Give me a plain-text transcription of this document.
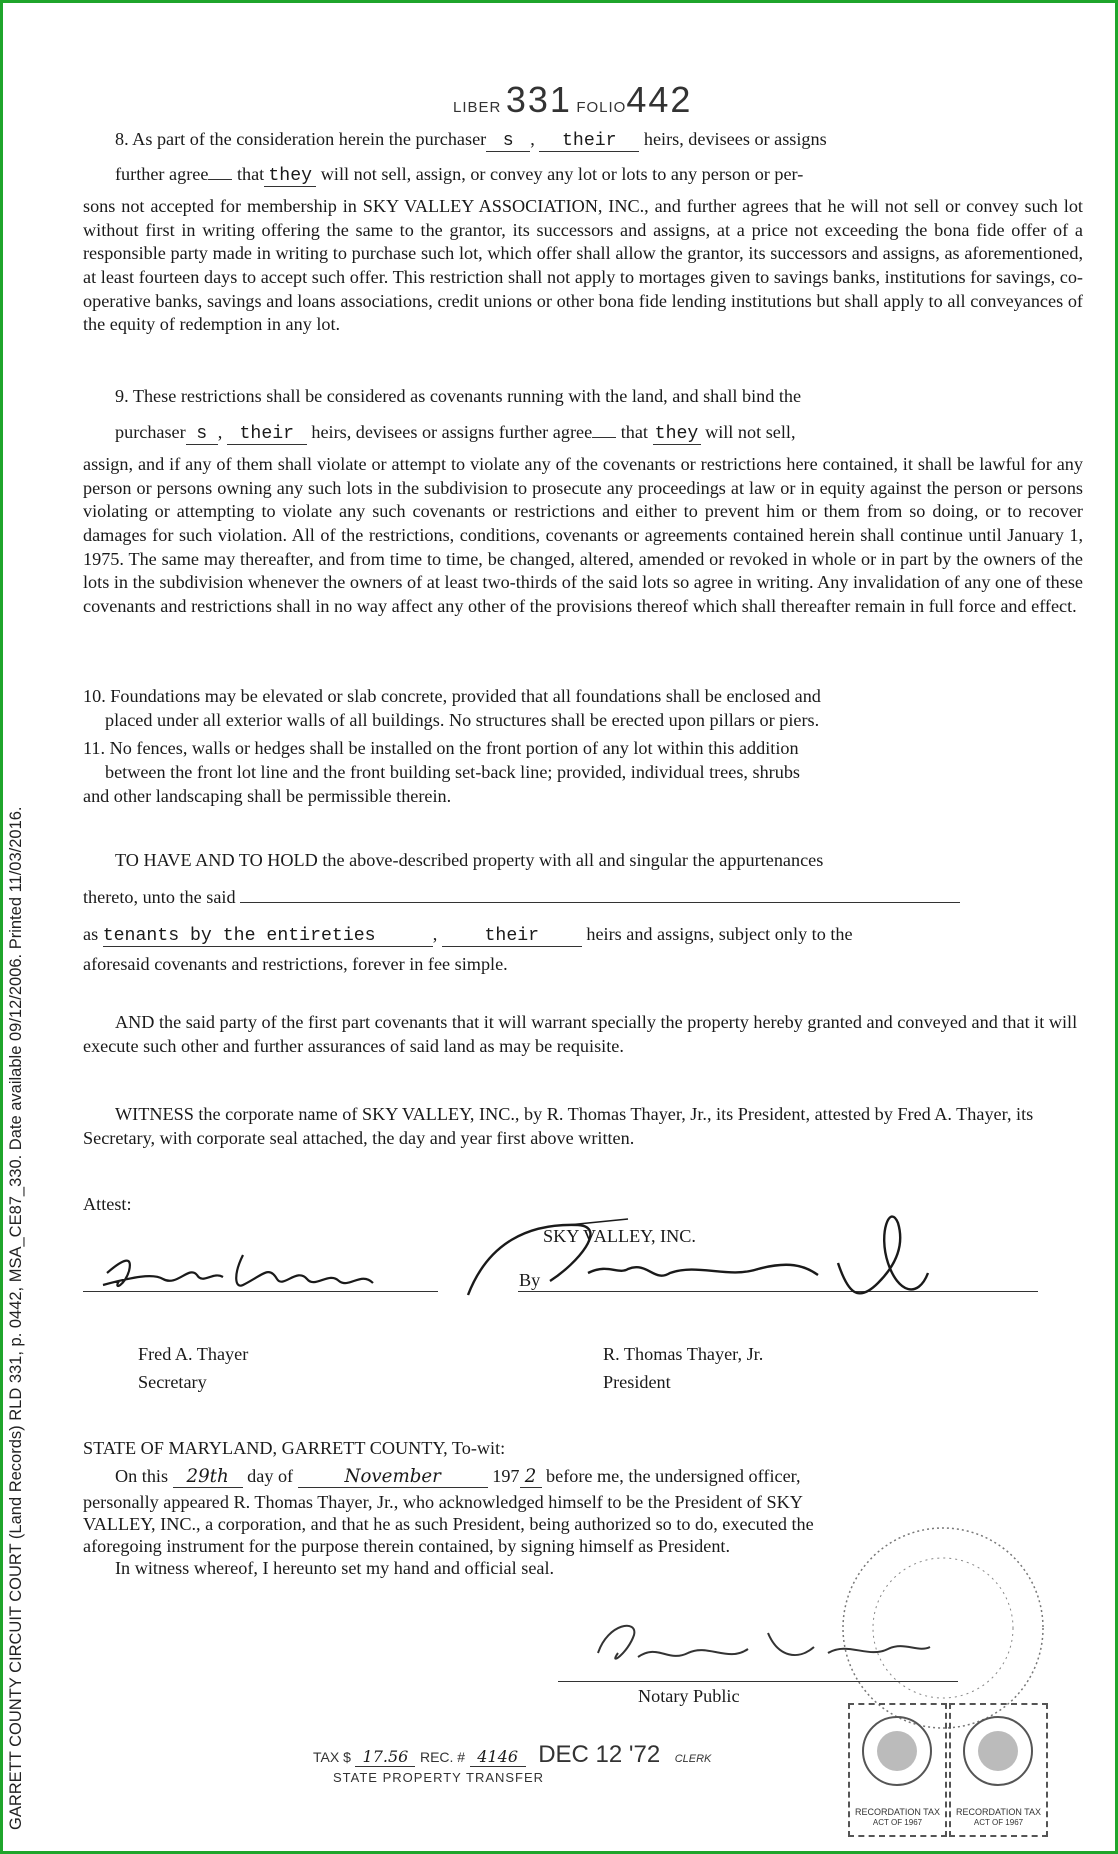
GARRETT COUNTY CIRCUIT COURT (Land Records) RLD 331, p. 0442, MSA_CE87_330. Date available 09/12/2006. Printed 11/03/2016.
LIBER 331 FOLIO442

8. As part of the consideration herein the purchaser s , their heirs, devisees or assigns

further agree that they will not sell, assign, or convey any lot or lots to any person or per-

sons not accepted for membership in SKY VALLEY ASSOCIATION, INC., and further agrees that he will not sell or convey such lot without first in writing offering the same to the grantor, its successors and assigns, at a price not exceeding the bona fide offer of a responsible party made in writing to purchase such lot, which offer shall allow the grantor, its successors and assigns, as aforementioned, at least fourteen days to accept such offer. This restriction shall not apply to mortages given to savings banks, institutions for savings, co-operative banks, savings and loans associations, credit unions or other bona fide lending institutions but shall apply to all conveyances of the equity of redemption in any lot.

9. These restrictions shall be considered as covenants running with the land, and shall bind the

purchaser s , their heirs, devisees or assigns further agree that they will not sell,

assign, and if any of them shall violate or attempt to violate any of the covenants or restrictions here contained, it shall be lawful for any person or persons owning any such lots in the subdivision to prosecute any proceedings at law or in equity against the person or persons violating or attempting to violate any such covenants or restrictions and either to prevent him or them from so doing, or to recover damages for such violation. All of the restrictions, conditions, covenants or agreements contained herein shall continue until January 1, 1975. The same may thereafter, and from time to time, be changed, altered, amended or revoked in whole or in part by the owners of the lots in the subdivision whenever the owners of at least two-thirds of the said lots so agree in writing. Any invalidation of any one of these covenants and restrictions shall in no way affect any other of the provisions thereof which shall thereafter remain in full force and effect.

10. Foundations may be elevated or slab concrete, provided that all foundations shall be enclosed and

placed under all exterior walls of all buildings. No structures shall be erected upon pillars or piers.

11. No fences, walls or hedges shall be installed on the front portion of any lot within this addition

between the front lot line and the front building set-back line; provided, individual trees, shrubs

and other landscaping shall be permissible therein.

TO HAVE AND TO HOLD the above-described property with all and singular the appurtenances

thereto, unto the said

as tenants by the entireties	, their	heirs and assigns, subject only to the

aforesaid covenants and restrictions, forever in fee simple.

AND the said party of the first part covenants that it will warrant specially the property hereby granted and conveyed and that it will execute such other and further assurances of said land as may be requisite.

WITNESS the corporate name of SKY VALLEY, INC., by R. Thomas Thayer, Jr., its President, attested by Fred A. Thayer, its Secretary, with corporate seal attached, the day and year first above written.

Attest:

SKY VALLEY, INC.

By

Fred A. Thayer

Secretary

R. Thomas Thayer, Jr.

President

STATE OF MARYLAND, GARRETT COUNTY, To-wit:

On this 29th day of	November	197 2 before me, the undersigned officer,

personally appeared R. Thomas Thayer, Jr., who acknowledged himself to be the President of SKY

VALLEY, INC., a corporation, and that he as such President, being authorized so to do, executed the

aforegoing instrument for the purpose therein contained, by signing himself as President.

In witness whereof, I hereunto set my hand and official seal.

Notary Public

TAX $ 17.56 REC. # 4146 DEC 12 '72 CLERK
STATE PROPERTY TRANSFER
RECORDATION TAX
ACT OF 1967
RECORDATION TAX
ACT OF 1967
